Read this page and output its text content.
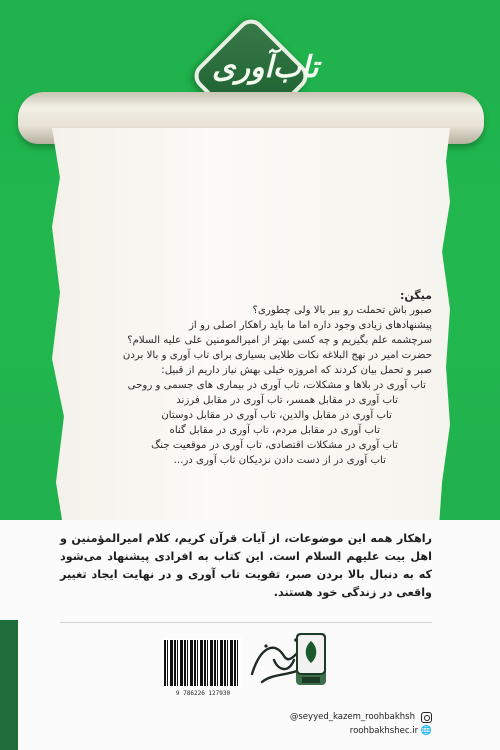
تاب‌آوری
میگن:
صبور باش تحملت رو ببر بالا ولی چطوری؟
پیشنهادهای زیادی وجود داره اما ما باید راهکار اصلی رو از
سرچشمه علم بگیریم و چه کسی بهتر از امیرالمومنین علی علیه السلام؟
حضرت امیر در نهج البلاغه نکات طلایی بسیاری برای تاب آوری و بالا بردن
صبر و تحمل بیان کردند که امروزه خیلی بهش نیاز داریم از قبیل:
تاب آوری در بلاها و مشکلات، تاب آوری در بیماری های جسمی و روحی
تاب آوری در مقابل همسر، تاب آوری در مقابل فرزند
تاب آوری در مقابل والدین، تاب آوری در مقابل دوستان
تاب آوری در مقابل مردم، تاب آوری در مقابل گناه
تاب آوری در مشکلات اقتصادی، تاب آوری در موقعیت جنگ
تاب آوری در از دست دادن نزدیکان تاب آوری در...
راهکار همه این موضوعات، از آیات قرآن کریم، کلام امیرالمؤمنین و اهل بیت علیهم السلام است. این کتاب به افرادی پیشنهاد می‌شود که به دنبال بالا بردن صبر، تقویت تاب آوری و در نهایت ایجاد تغییر واقعی در زندگی خود هستند.
9 786226 127930
@seyyed_kazem_roohbakhsh
roohbakhshec.ir 🌐
